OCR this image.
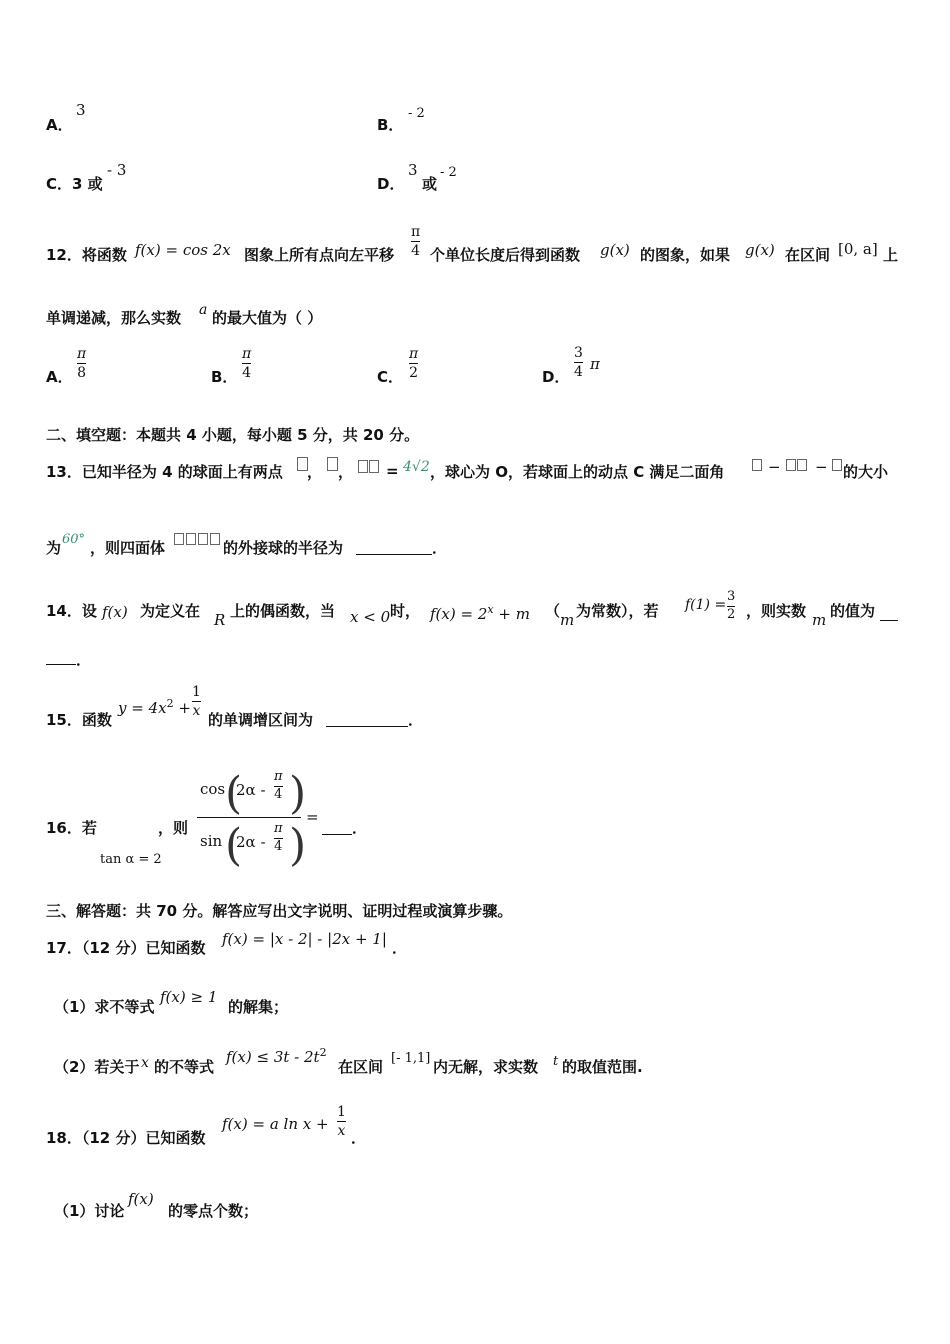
A．
3
B．
- 2
C．3 或
- 3
D．
3
或
- 2
12．将函数 f(x) = cos 2x 图象上所有点向左平移
π
4 个单位长度后得到函数 g(x) 的图象，如果 g(x) 在区间 [0, a] 上
单调递减，那么实数 a 的最大值为（ ）
A．
π
8	B．
π
4	C．
π
2	D．
3
4 π
二、填空题：本题共 4 小题，每小题 5 分，共 20 分。
13．已知半径为 4 的球面上有两点 ， ， = 4√2 ，球心为 O，若球面上的动点 C 满足二面角	− − 的大小
为 60° ，则四面体	的外接球的半径为	．
14．设 f(x) 为定义在 R 上的偶函数，当 x < 0 时， $f(x) = 2^x + m$ （ m 为常数），若 f(1) =
3
2 ，则实数 m 的值为
．
15．函数
$y = 4x^2$ +
1
x 的单调增区间为	．
16．若
tan α = 2
，则
cos (
2α -
π
4 )
sin (
2α -
π
4 )
=
．
三、解答题：共 70 分。解答应写出文字说明、证明过程或演算步骤。
17．（12 分）已知函数 f(x) = |x - 2| - |2x + 1| ．
（1）求不等式
f(x) ≥ 1
的解集；
（2）若关于 x 的不等式
$f(x) \le 3t - 2t^2$
在区间 [- 1,1] 内无解，求实数 t 的取值范围.
18．（12 分）已知函数
f(x) = a ln x +
1
x ．
（1）讨论
f(x)
的零点个数；
